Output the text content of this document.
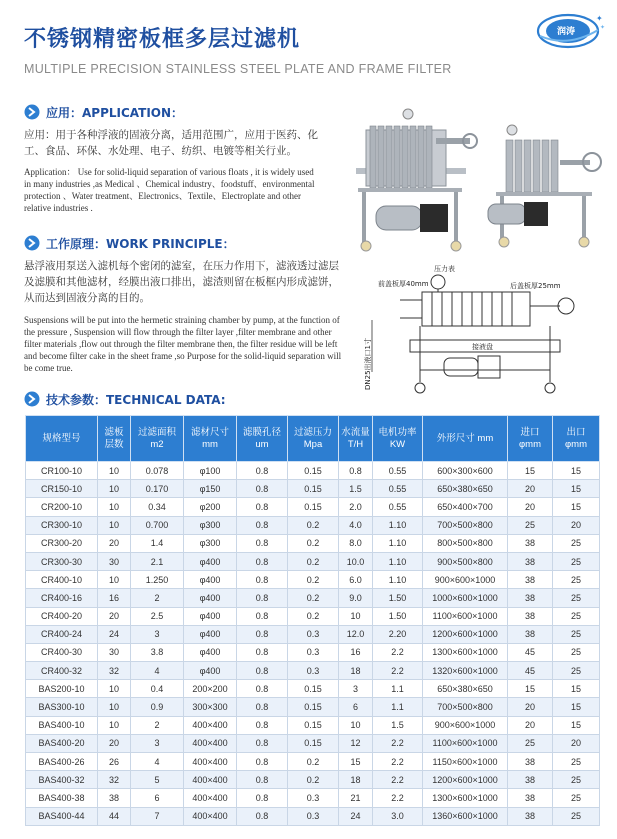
不锈钢精密板框多层过滤机
MULTIPLE PRECISION STAINLESS STEEL PLATE AND FRAME FILTER
✦
✦
润涛
应用：APPLICATION：
应用：用于各种浮液的固液分离，适用范围广，应用于医药、化工、食品、环保、水处理、电子、纺织、电镀等相关行业。
Application： Use for solid-liquid separation of various floats , it is widely used in many industries ,as Medical 、Chemical industry、foodstuff、environmental protection 、Water treatment、Electronics、Textile、Electroplate and other relative industries .
工作原理：WORK PRINCIPLE：
悬浮液用泵送入滤机每个密闭的滤室，在压力作用下，滤液透过滤层及滤膜和其他滤材，经膜出液口排出，滤渣则留在板框内形成滤饼，从而达到固液分离的目的。
Suspensions will be put into the hermetic straining chamber by pump, at the function of the pressure , Suspension will flow through the filter layer ,filter membrane and other filter materials ,flow out through the filter membrane then, the filter residue will be left and become filter cake in the sheet frame ,so Purpose for the solid-liquid separation will be come true.
压力表
前盖板厚40mm	后盖板厚25mm
接液盘
DN25出液口1寸
技术参数：TECHNICAL DATA:
规格型号	滤板层数	过滤面积 m2	滤材尺寸 mm	滤膜孔径 um	过滤压力 Mpa	水流量 T/H	电机功率 KW	外形尺寸 mm	进口 φmm	出口 φmm
CR100-10	10	0.078	φ100	0.8	0.15	0.8	0.55	600×300×600	15	15
CR150-10	10	0.170	φ150	0.8	0.15	1.5	0.55	650×380×650	20	15
CR200-10	10	0.34	φ200	0.8	0.15	2.0	0.55	650×400×700	20	15
CR300-10	10	0.700	φ300	0.8	0.2	4.0	1.10	700×500×800	25	20
CR300-20	20	1.4	φ300	0.8	0.2	8.0	1.10	800×500×800	38	25
CR300-30	30	2.1	φ400	0.8	0.2	10.0	1.10	900×500×800	38	25
CR400-10	10	1.250	φ400	0.8	0.2	6.0	1.10	900×600×1000	38	25
CR400-16	16	2	φ400	0.8	0.2	9.0	1.50	1000×600×1000	38	25
CR400-20	20	2.5	φ400	0.8	0.2	10	1.50	1100×600×1000	38	25
CR400-24	24	3	φ400	0.8	0.3	12.0	2.20	1200×600×1000	38	25
CR400-30	30	3.8	φ400	0.8	0.3	16	2.2	1300×600×1000	45	25
CR400-32	32	4	φ400	0.8	0.3	18	2.2	1320×600×1000	45	25
BAS200-10	10	0.4	200×200	0.8	0.15	3	1.1	650×380×650	15	15
BAS300-10	10	0.9	300×300	0.8	0.15	6	1.1	700×500×800	20	15
BAS400-10	10	2	400×400	0.8	0.15	10	1.5	900×600×1000	20	15
BAS400-20	20	3	400×400	0.8	0.15	12	2.2	1100×600×1000	25	20
BAS400-26	26	4	400×400	0.8	0.2	15	2.2	1150×600×1000	38	25
BAS400-32	32	5	400×400	0.8	0.2	18	2.2	1200×600×1000	38	25
BAS400-38	38	6	400×400	0.8	0.3	21	2.2	1300×600×1000	38	25
BAS400-44	44	7	400×400	0.8	0.3	24	3.0	1360×600×1000	38	25
